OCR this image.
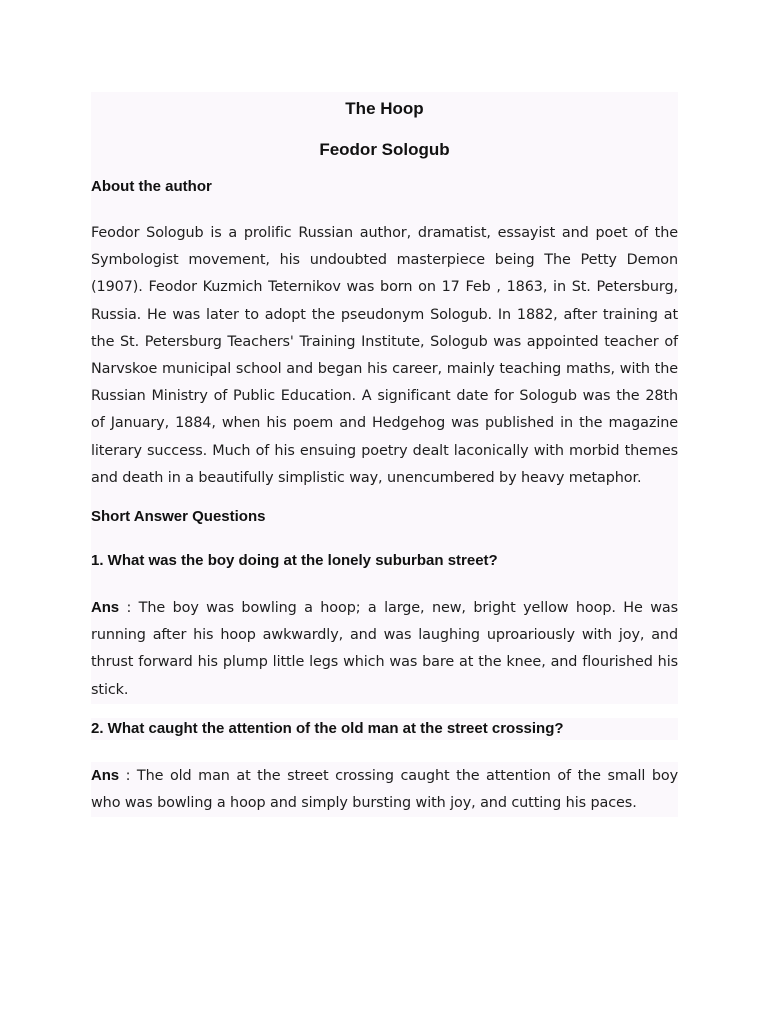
The Hoop
Feodor Sologub

About the author

Feodor Sologub is a prolific Russian author, dramatist, essayist and poet of the Symbologist movement, his undoubted masterpiece being The Petty Demon (1907). Feodor Kuzmich Teternikov was born on 17 Feb , 1863, in St. Petersburg, Russia. He was later to adopt the pseudonym Sologub. In 1882, after training at the St. Petersburg Teachers' Training Institute, Sologub was appointed teacher of Narvskoe municipal school and began his career, mainly teaching maths, with the Russian Ministry of Public Education. A significant date for Sologub was the 28th of January, 1884, when his poem and Hedgehog was published in the magazine literary success. Much of his ensuing poetry dealt laconically with morbid themes and death in a beautifully simplistic way, unencumbered by heavy metaphor.

Short Answer Questions

1. What was the boy doing at the lonely suburban street?

Ans : The boy was bowling a hoop; a large, new, bright yellow hoop. He was running after his hoop awkwardly, and was laughing uproariously with joy, and thrust forward his plump little legs which was bare at the knee, and flourished his stick.

2. What caught the attention of the old man at the street crossing?

Ans : The old man at the street crossing caught the attention of the small boy who was bowling a hoop and simply bursting with joy, and cutting his paces.
